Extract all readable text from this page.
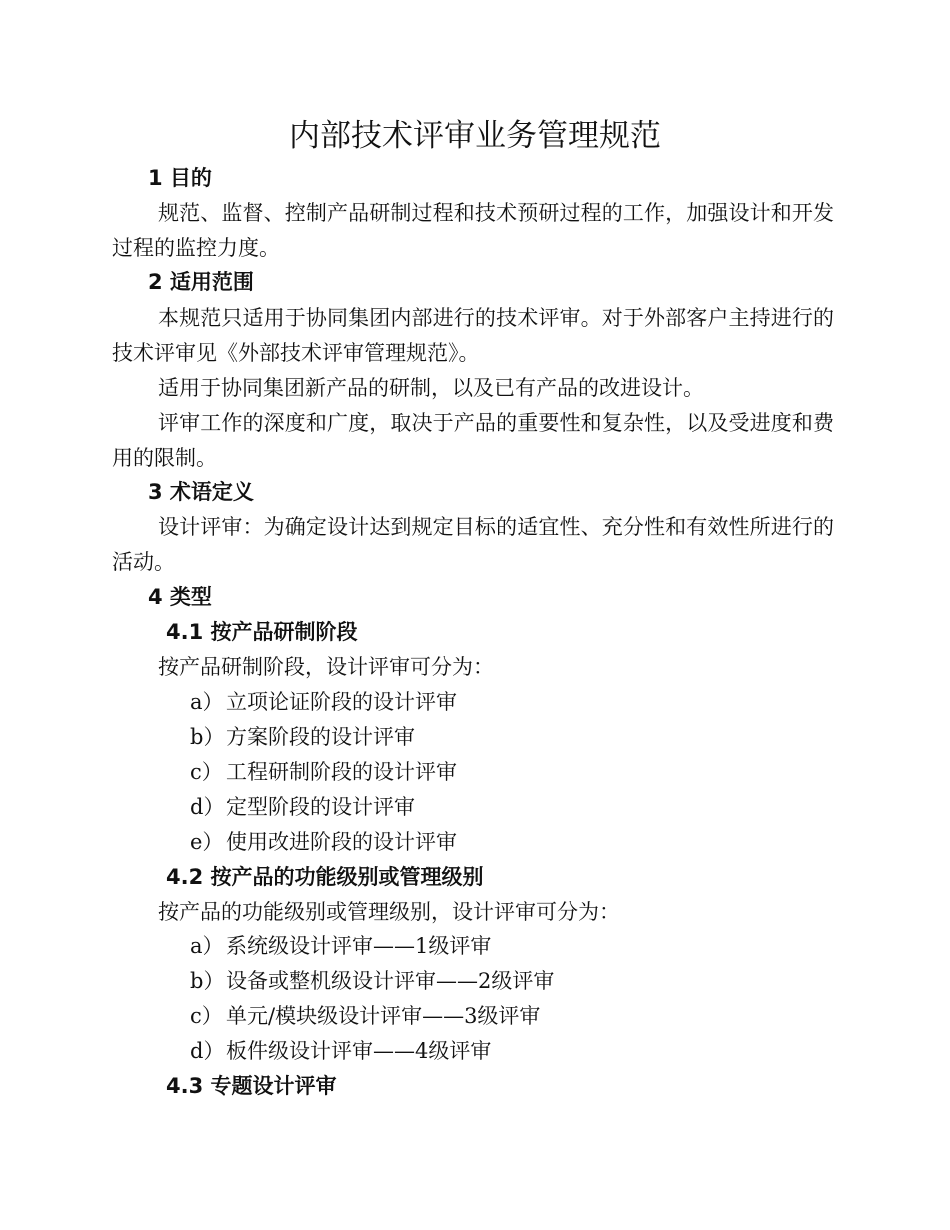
内部技术评审业务管理规范
1 目的
规范、监督、控制产品研制过程和技术预研过程的工作，加强设计和开发过程的监控力度。
2 适用范围
本规范只适用于协同集团内部进行的技术评审。对于外部客户主持进行的技术评审见《外部技术评审管理规范》。
适用于协同集团新产品的研制，以及已有产品的改进设计。
评审工作的深度和广度，取决于产品的重要性和复杂性，以及受进度和费用的限制。
3 术语定义
设计评审：为确定设计达到规定目标的适宜性、充分性和有效性所进行的活动。
4 类型
4.1 按产品研制阶段
按产品研制阶段，设计评审可分为：
a） 立项论证阶段的设计评审
b）方案阶段的设计评审
c） 工程研制阶段的设计评审
d）定型阶段的设计评审
e） 使用改进阶段的设计评审
4.2 按产品的功能级别或管理级别
按产品的功能级别或管理级别，设计评审可分为：
a） 系统级设计评审——1级评审
b）设备或整机级设计评审——2级评审
c） 单元/模块级设计评审——3级评审
d）板件级设计评审——4级评审
4.3 专题设计评审
